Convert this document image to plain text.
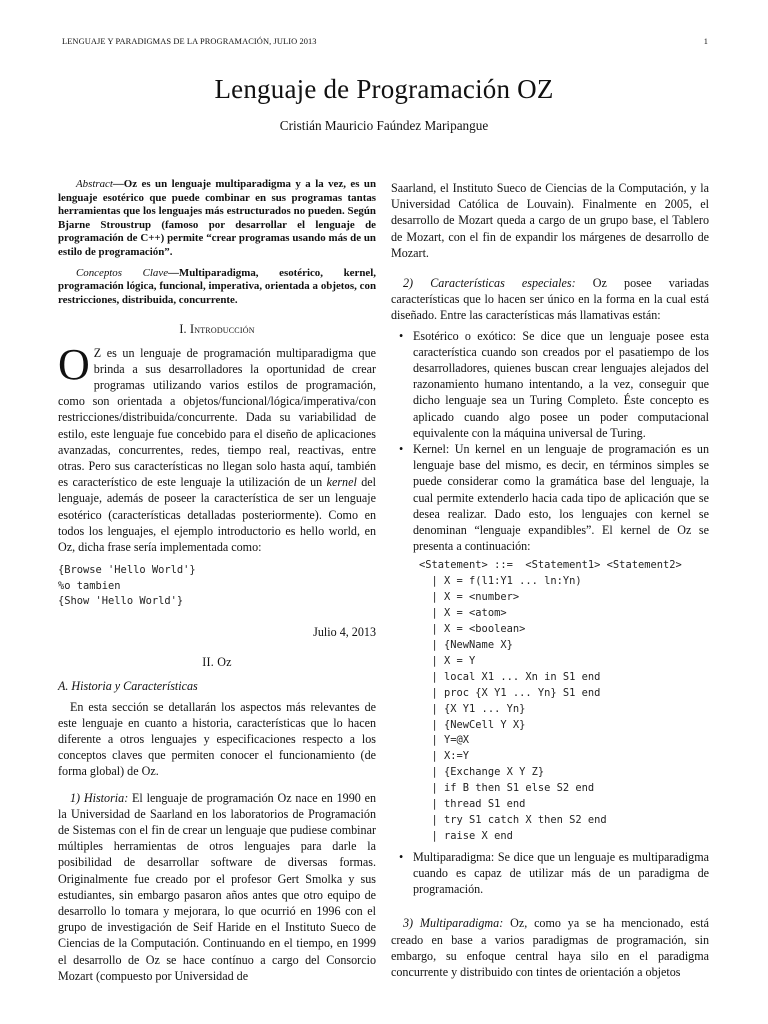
LENGUAJE Y PARADIGMAS DE LA PROGRAMACIÓN, JULIO 2013	1
Lenguaje de Programación OZ
Cristián Mauricio Faúndez Maripangue

Abstract—Oz es un lenguaje multiparadigma y a la vez, es un lenguaje esotérico que puede combinar en sus programas tantas herramientas que los lenguajes más estructurados no pueden. Según Bjarne Stroustrup (famoso por desarrollar el lenguaje de programación de C++) permite “crear programas usando más de un estilo de programación”.

Conceptos Clave—Multiparadigma, esotérico, kernel, programación lógica, funcional, imperativa, orientada a objetos, con restricciones, distribuida, concurrente.

I. Introducción

O Z es un lenguaje de programación multiparadigma que brinda a sus desarrolladores la oportunidad de crear programas utilizando varios estilos de programación, como son orientada a objetos/funcional/lógica/imperativa/con restricciones/distribuida/concurrente. Dada su variabilidad de estilo, este lenguaje fue concebido para el diseño de aplicaciones avanzadas, concurrentes, redes, tiempo real, reactivas, entre otras. Pero sus características no llegan solo hasta aquí, también es característico de este lenguaje la utilización de un kernel del lenguaje, además de poseer la característica de ser un lenguaje esotérico (características detalladas posteriormente). Como en todos los lenguajes, el ejemplo introductorio es hello world, en Oz, dicha frase sería implementada como:

{Browse 'Hello World'}
%o tambien
{Show 'Hello World'}
Julio 4, 2013
II. Oz
A. Historia y Características

En esta sección se detallarán los aspectos más relevantes de este lenguaje en cuanto a historia, características que lo hacen diferente a otros lenguajes y especificaciones respecto a los conceptos claves que permiten conocer el funcionamiento (de forma global) de Oz.

1) Historia: El lenguaje de programación Oz nace en 1990 en la Universidad de Saarland en los laboratorios de Programación de Sistemas con el fin de crear un lenguaje que pudiese combinar múltiples herramientas de otros lenguajes para darle la posibilidad de desarrollar software de diversas formas. Originalmente fue creado por el profesor Gert Smolka y sus estudiantes, sin embargo pasaron años antes que otro equipo de desarrollo lo tomara y mejorara, lo que ocurrió en 1996 con el grupo de investigación de Seif Haride en el Instituto Sueco de Ciencias de la Computación. Continuando en el tiempo, en 1999 el desarrollo de Oz se hace contínuo a cargo del Consorcio Mozart (compuesto por Universidad de

Saarland, el Instituto Sueco de Ciencias de la Computación, y la Universidad Católica de Louvain). Finalmente en 2005, el desarrollo de Mozart queda a cargo de un grupo base, el Tablero de Mozart, con el fin de expandir los márgenes de desarrollo de Mozart.

2) Características especiales: Oz posee variadas características que lo hacen ser único en la forma en la cual está diseñado. Entre las características más llamativas están:

• Esotérico o exótico: Se dice que un lenguaje posee esta característica cuando son creados por el pasatiempo de los desarrolladores, quienes buscan crear lenguajes alejados del razonamiento humano intentando, a la vez, conseguir que dicho lenguaje sea un Turing Completo. Éste concepto es aplicado cuando algo posee un poder computacional equivalente con la máquina universal de Turing.
• Kernel: Un kernel en un lenguaje de programación es un lenguaje base del mismo, es decir, en términos simples se puede considerar como la gramática base del lenguaje, la cual permite extenderlo hacia cada tipo de aplicación que se desea realizar. Dado esto, los lenguajes con kernel se denominan “lenguaje expandibles”. El kernel de Oz se presenta a continuación:
<Statement> ::=  <Statement1> <Statement2>
| X = f(l1:Y1 ... ln:Yn)
| X = <number>
| X = <atom>
| X = <boolean>
| {NewName X}
| X = Y
| local X1 ... Xn in S1 end
| proc {X Y1 ... Yn} S1 end
| {X Y1 ... Yn}
| {NewCell Y X}
| Y=@X
| X:=Y
| {Exchange X Y Z}
| if B then S1 else S2 end
| thread S1 end
| try S1 catch X then S2 end
| raise X end
• Multiparadigma: Se dice que un lenguaje es multiparadigma cuando es capaz de utilizar más de un paradigma de programación.

3) Multiparadigma: Oz, como ya se ha mencionado, está creado en base a varios paradigmas de programación, sin embargo, su enfoque central haya silo en el paradigma concurrente y distribuido con tintes de orientación a objetos
